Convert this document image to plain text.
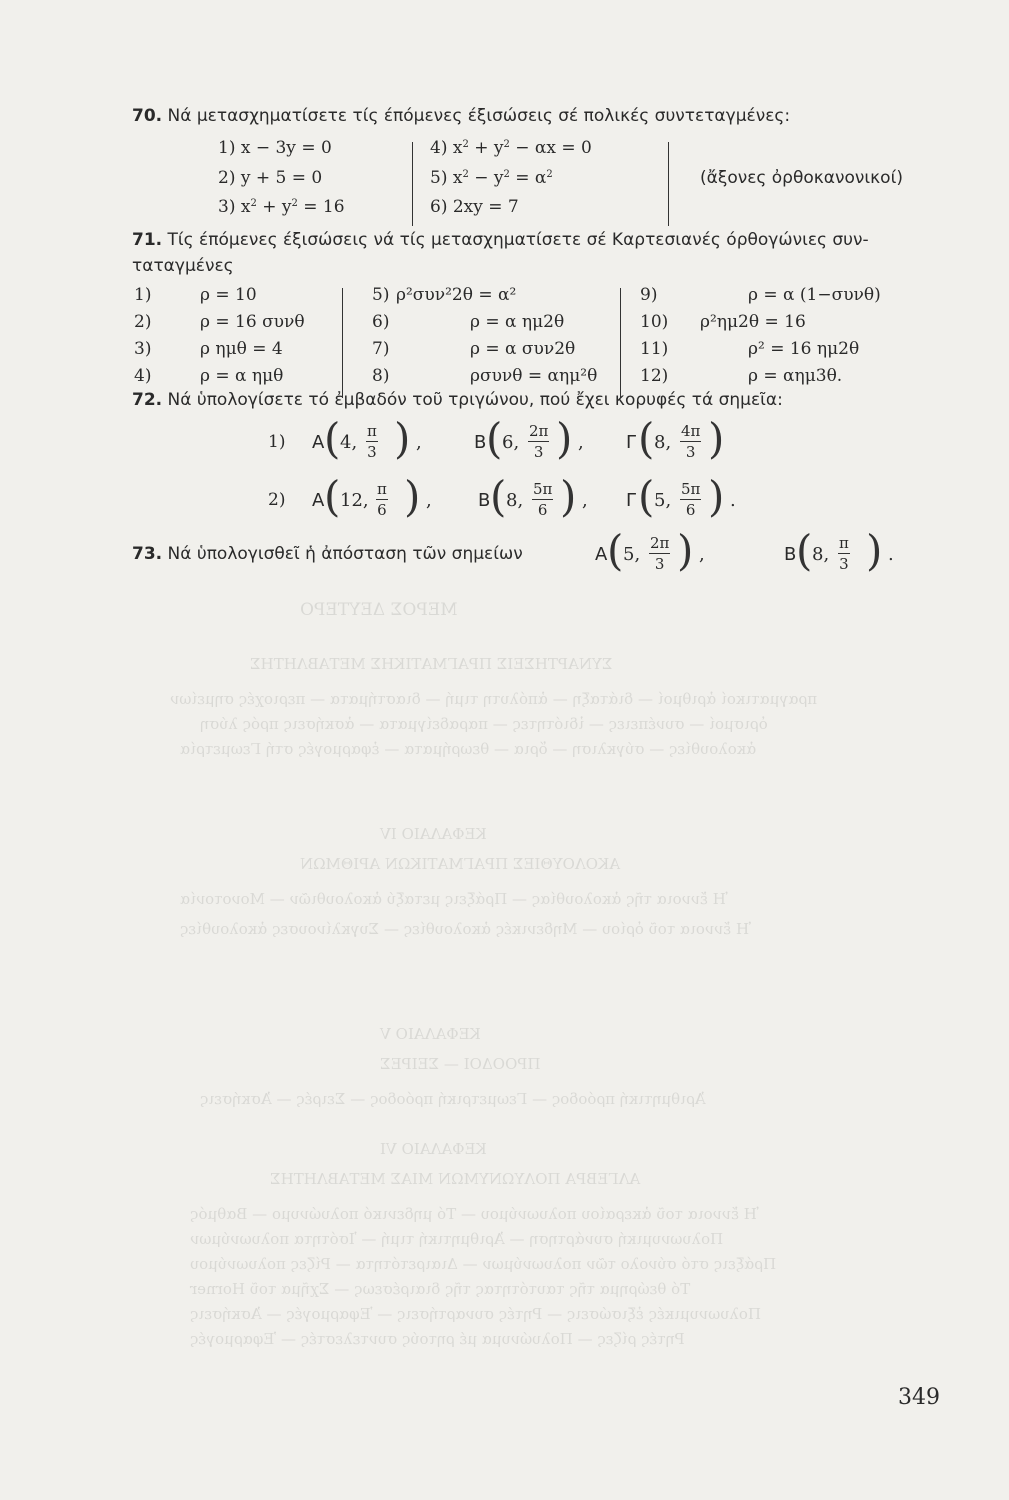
ΜΕΡΟΣ ΔΕΥΤΕΡΟ
ΣΥΝΑΡΤΗΣΕΙΣ ΠΡΑΓΜΑΤΙΚΗΣ ΜΕΤΑΒΛΗΤΗΣ
πραγματικοί ἀριθμοί — διάταξη — ἀπόλυτη τιμή — διαστήματα — περιοχές σημείων
ὁρισμοί — συνέπειες — ἰδιότητες — παραδείγματα — ἀσκήσεις πρός λύση
ἀκολουθίες — σύγκλιση — ὅρια — θεωρήματα — ἐφαρμογές στή Γεωμετρία
ΚΕΦΑΛΑΙΟ IV
ΑΚΟΛΟΥΘΙΕΣ ΠΡΑΓΜΑΤΙΚΩΝ ΑΡΙΘΜΩΝ
Ἡ ἔννοια τῆς ἀκολουθίας — Πράξεις μεταξύ ἀκολουθιῶν — Μονοτονία
Ἡ ἔννοια τοῦ ὁρίου — Μηδενικές ἀκολουθίες — Συγκλίνουσες ἀκολουθίες
ΚΕΦΑΛΑΙΟ V
ΠΡΟΟΔΟΙ — ΣΕΙΡΕΣ
Ἀριθμητική πρόοδος — Γεωμετρική πρόοδος — Σειρές — Ἀσκήσεις
ΚΕΦΑΛΑΙΟ VI
ΑΛΓΕΒΡΑ ΠΟΛΥΩΝΥΜΩΝ ΜΙΑΣ ΜΕΤΑΒΛΗΤΗΣ
Ἡ ἔννοια τοῦ ἀκεραίου πολυωνύμου — Τό μηδενικό πολυώνυμο — Βαθμός
Πολυωνυμική συνάρτηση — Ἀριθμητική τιμή — Ἰσότητα πολυωνύμων
Πράξεις στό σύνολο τῶν πολυωνύμων — Διαιρετότητα — Ρίζες πολυωνύμου
Τό θεώρημα τῆς ταυτότητας τῆς διαιρέσεως — Σχῆμα τοῦ Horner
Πολυωνυμικές ἐξισώσεις — Ρητές συναρτήσεις — Ἐφαρμογές — Ἀσκήσεις
Ρητές ρίζες — Πολυώνυμα μέ ρητούς συντελεστές — Ἐφαρμογές
70. Νά μετασχηματίσετε τίς έπόμενες έξισώσεις σέ πολικές συντεταγμένες:
1) x − 3y = 0
2) y + 5 = 0
3) $x^2 + y^2 = 16$
4) $x^2 + y^2 - \alpha x = 0$
5) $x^2 - y^2 = \alpha^2$
6) 2xy = 7
(ἄξονες ὀρθοκανονικοί)
71. Τίς έπόμενες έξισώσεις νά τίς μετασχηματίσετε σέ Καρτεσιανές όρθογώνιες συν-
ταταγμένες
1)	ρ = 10
2)	ρ = 16 συνθ
3)	ρ ημθ = 4
4)	ρ = α ημθ
5) ρ²συν²2θ = α²
6)	ρ = α ημ2θ
7)	ρ = α συν2θ
8)	ρσυνθ = αημ²θ
9)	ρ = α (1−συνθ)
10) ρ²ημ2θ = 16
11)	ρ² = 16 ημ2θ
12)	ρ = αημ3θ.
72. Νά ὑπολογίσετε τό ἐμβαδόν τοῦ τριγώνου, πού ἔχει κορυφές τά σημεῖα:
1)
2)
A ( 4, $\frac{\pi}{3}$ ) ,	B ( 6, $\frac{2\pi}{3}$ ) , Γ ( 8, $\frac{4\pi}{3}$ )
A ( 12, $\frac{\pi}{6}$ ) ,	B ( 8, $\frac{5\pi}{6}$ ) , Γ ( 5, $\frac{5\pi}{6}$ ) .
A ( 5, $\frac{2\pi}{3}$ ) ,	B ( 8, $\frac{\pi}{3}$ ) .
73. Νά ὑπολογισθεῖ ἡ ἀπόσταση τῶν σημείων
349
